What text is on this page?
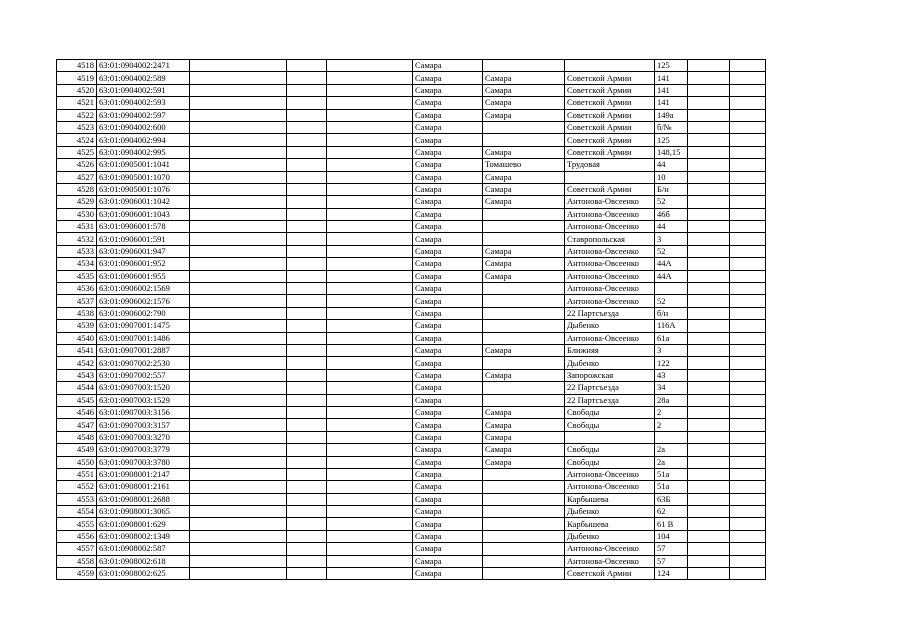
4518	63:01:0904002:2471				Самара			125		
4519	63:01:0904002:589				Самара	Самара	Советской Армии	141		
4520	63:01:0904002:591				Самара	Самара	Советской Армии	141		
4521	63:01:0904002:593				Самара	Самара	Советской Армии	141		
4522	63:01:0904002:597				Самара	Самара	Советской Армии	149а		
4523	63:01:0904002:600				Самара		Советской Армии	б/№		
4524	63:01:0904002:994				Самара		Советской Армии	125		
4525	63:01:0904002:995				Самара	Самара	Советской Армии	148,15		
4526	63:01:0905001:1041				Самара	Томашево	Трудовая	44		
4527	63:01:0905001:1070				Самара	Самара		10		
4528	63:01:0905001:1076				Самара	Самара	Советской Армии	Б/н		
4529	63:01:0906001:1042				Самара	Самара	Антонова-Овсеенко	52		
4530	63:01:0906001:1043				Самара		Антонова-Овсеенко	46б		
4531	63:01:0906001:578				Самара		Антонова-Овсеенко	44		
4532	63:01:0906001:591				Самара		Ставропольская	3		
4533	63:01:0906001:947				Самара	Самара	Антонова-Овсеенко	52		
4534	63:01:0906001:952				Самара	Самара	Антонова-Овсеенко	44А		
4535	63:01:0906001:955				Самара	Самара	Антонова-Овсеенко	44А		
4536	63:01:0906002:1569				Самара		Антонова-Овсеенко			
4537	63:01:0906002:1576				Самара		Антонова-Овсеенко	52		
4538	63:01:0906002:790				Самара		22 Партсъезда	б/н		
4539	63:01:0907001:1475				Самара		Дыбенко	116А		
4540	63:01:0907001:1486				Самара		Антонова-Овсеенко	61а		
4541	63:01:0907001:2887				Самара	Самара	Ближняя	3		
4542	63:01:0907002:2530				Самара		Дыбенко	122		
4543	63:01:0907002:557				Самара	Самара	Запорожская	43		
4544	63:01:0907003:1520				Самара		22 Партсъезда	34		
4545	63:01:0907003:1529				Самара		22 Партсъезда	28а		
4546	63:01:0907003:3156				Самара	Самара	Свободы	2		
4547	63:01:0907003:3157				Самара	Самара	Свободы	2		
4548	63:01:0907003:3270				Самара	Самара				
4549	63:01:0907003:3779				Самара	Самара	Свободы	2а		
4550	63:01:0907003:3780				Самара	Самара	Свободы	2а		
4551	63:01:0908001:2147				Самара		Антонова-Овсеенко	51а		
4552	63:01:0908001:2161				Самара		Антонова-Овсеенко	51а		
4553	63:01:0908001:2688				Самара		Карбышева	63Б		
4554	63:01:0908001:3065				Самара		Дыбенко	62		
4555	63:01:0908001:629				Самара		Карбышева	61 В		
4556	63:01:0908002:1349				Самара		Дыбенко	104		
4557	63:01:0908002:587				Самара		Антонова-Овсеенко	57		
4558	63:01:0908002:618				Самара		Антонова-Овсеенко	57		
4559	63:01:0908002:625				Самара		Советской Армии	124		
